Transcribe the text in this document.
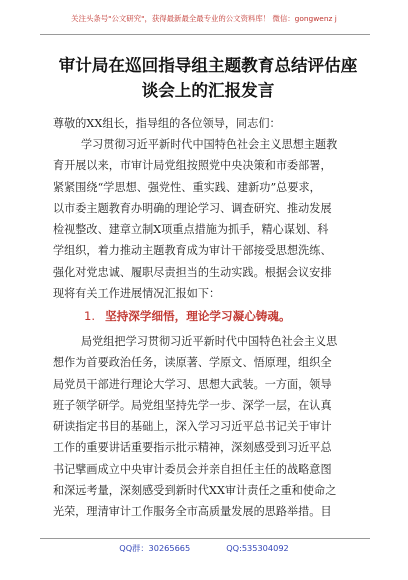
关注头条号"公文研究"，获得最新最全最专业的公文资料库！ 微信：gongwenz j
审计局在巡回指导组主题教育总结评估座
谈会上的汇报发言
尊敬的XX组长，指导组的各位领导，同志们：
学习贯彻习近平新时代中国特色社会主义思想主题教
育开展以来，市审计局党组按照党中央决策和市委部署，
紧紧围绕“学思想、强党性、重实践、建新功”总要求，
以市委主题教育办明确的理论学习、调查研究、推动发展
检视整改、建章立制X项重点措施为抓手，精心谋划、科
学组织，着力推动主题教育成为审计干部接受思想洗练、
强化对党忠诚、履职尽责担当的生动实践。根据会议安排
现将有关工作进展情况汇报如下：
1. 坚持深学细悟，理论学习凝心铸魂。
局党组把学习贯彻习近平新时代中国特色社会主义思
想作为首要政治任务，读原著、学原文、悟原理，组织全
局党员干部进行理论大学习、思想大武装。一方面，领导
班子领学研学。局党组坚持先学一步、深学一层，在认真
研读指定书目的基础上，深入学习习近平总书记关于审计
工作的重要讲话重要指示批示精神，深刻感受到习近平总
书记擘画成立中央审计委员会并亲自担任主任的战略意图
和深远考量，深刻感受到新时代XX审计责任之重和使命之
光荣，理清审计工作服务全市高质量发展的思路举措。目
QQ群：30265665	QQ:535304092
